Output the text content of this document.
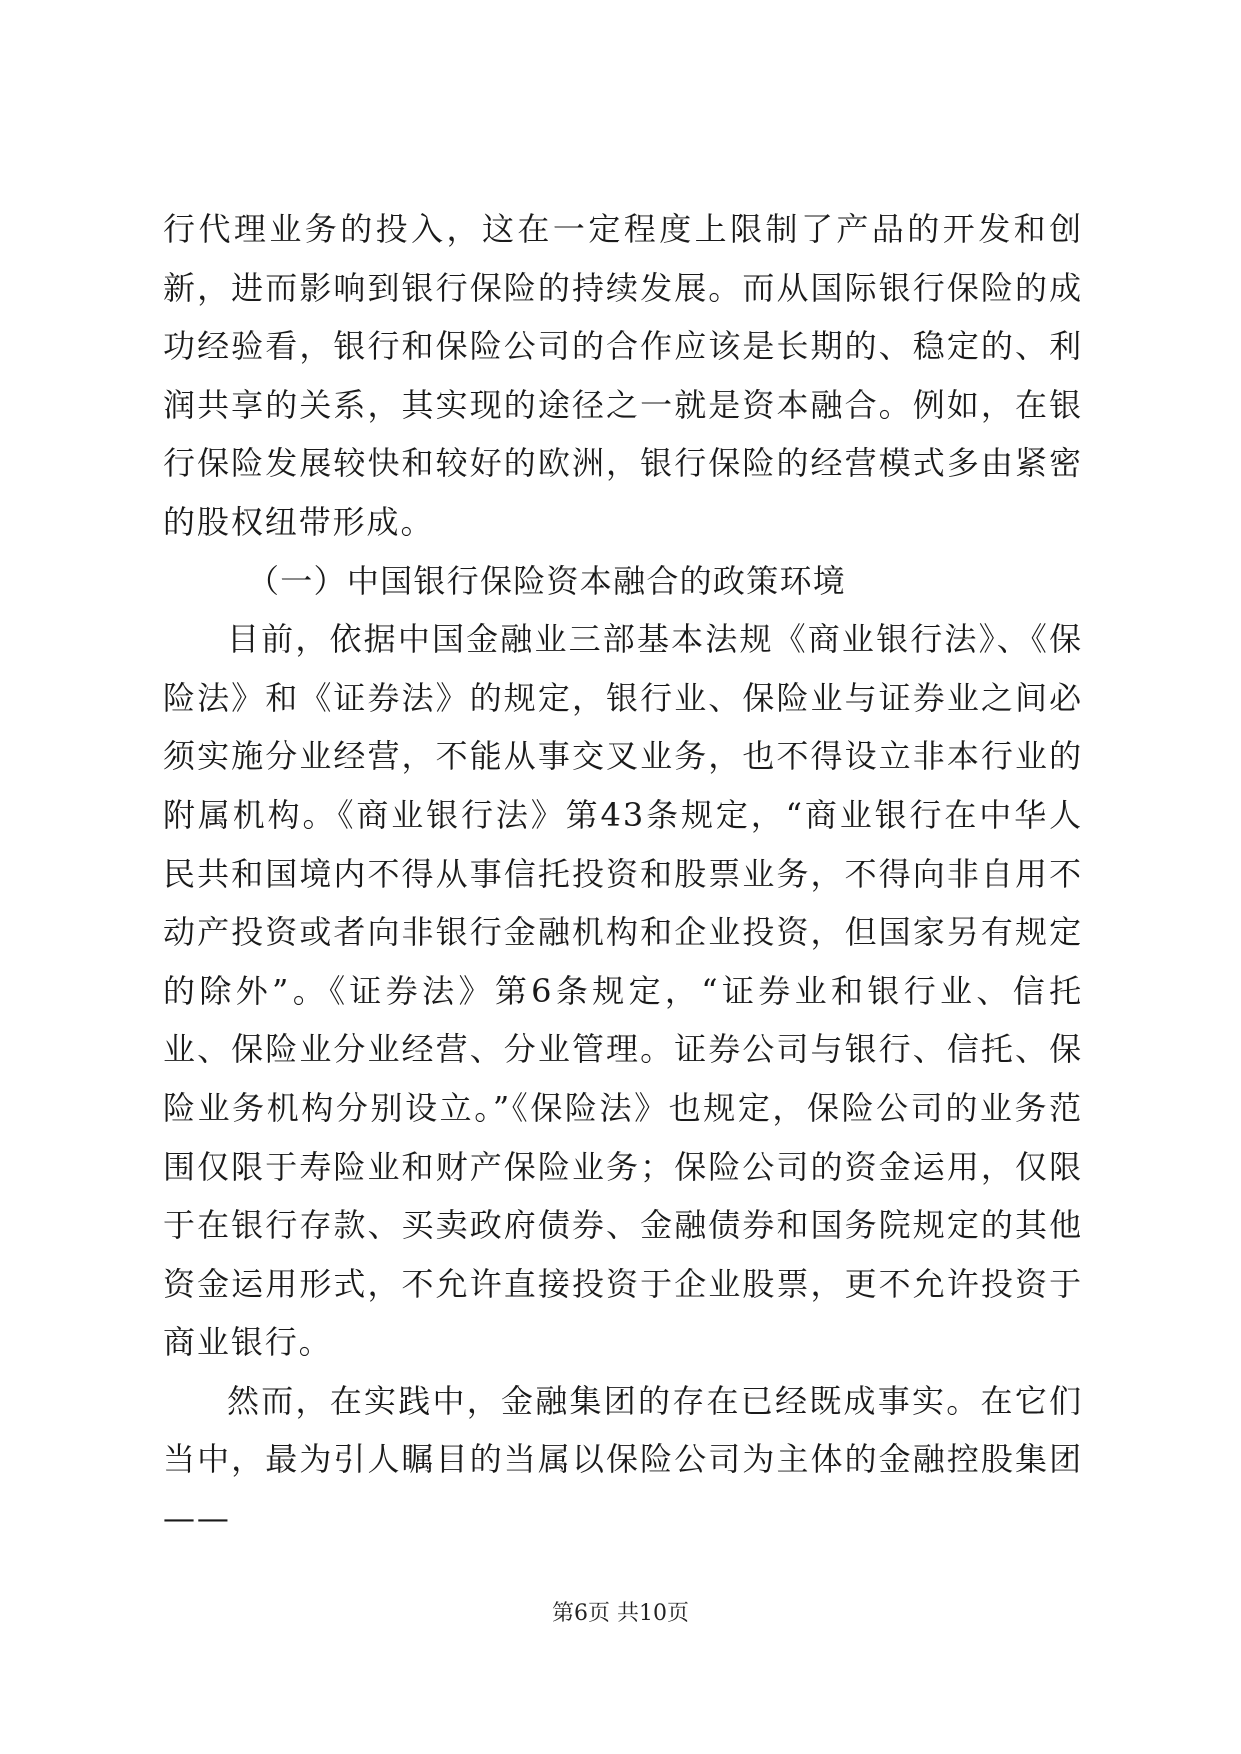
行代理业务的投入，这在一定程度上限制了产品的开发和创新，进而影响到银行保险的持续发展。而从国际银行保险的成功经验看，银行和保险公司的合作应该是长期的、稳定的、利润共享的关系，其实现的途径之一就是资本融合。例如，在银行保险发展较快和较好的欧洲，银行保险的经营模式多由紧密的股权纽带形成。

（一）中国银行保险资本融合的政策环境

目前，依据中国金融业三部基本法规《商业银行法》、《保险法》和《证券法》的规定，银行业、保险业与证券业之间必须实施分业经营，不能从事交叉业务，也不得设立非本行业的附属机构。《商业银行法》第43条规定，“商业银行在中华人民共和国境内不得从事信托投资和股票业务，不得向非自用不动产投资或者向非银行金融机构和企业投资，但国家另有规定的除外”。《证券法》第6条规定，“证券业和银行业、信托业、保险业分业经营、分业管理。证券公司与银行、信托、保险业务机构分别设立。”《保险法》也规定，保险公司的业务范围仅限于寿险业和财产保险业务；保险公司的资金运用，仅限于在银行存款、买卖政府债券、金融债券和国务院规定的其他资金运用形式，不允许直接投资于企业股票，更不允许投资于商业银行。

然而，在实践中，金融集团的存在已经既成事实。在它们当中，最为引人瞩目的当属以保险公司为主体的金融控股集团——

第6页 共10页
